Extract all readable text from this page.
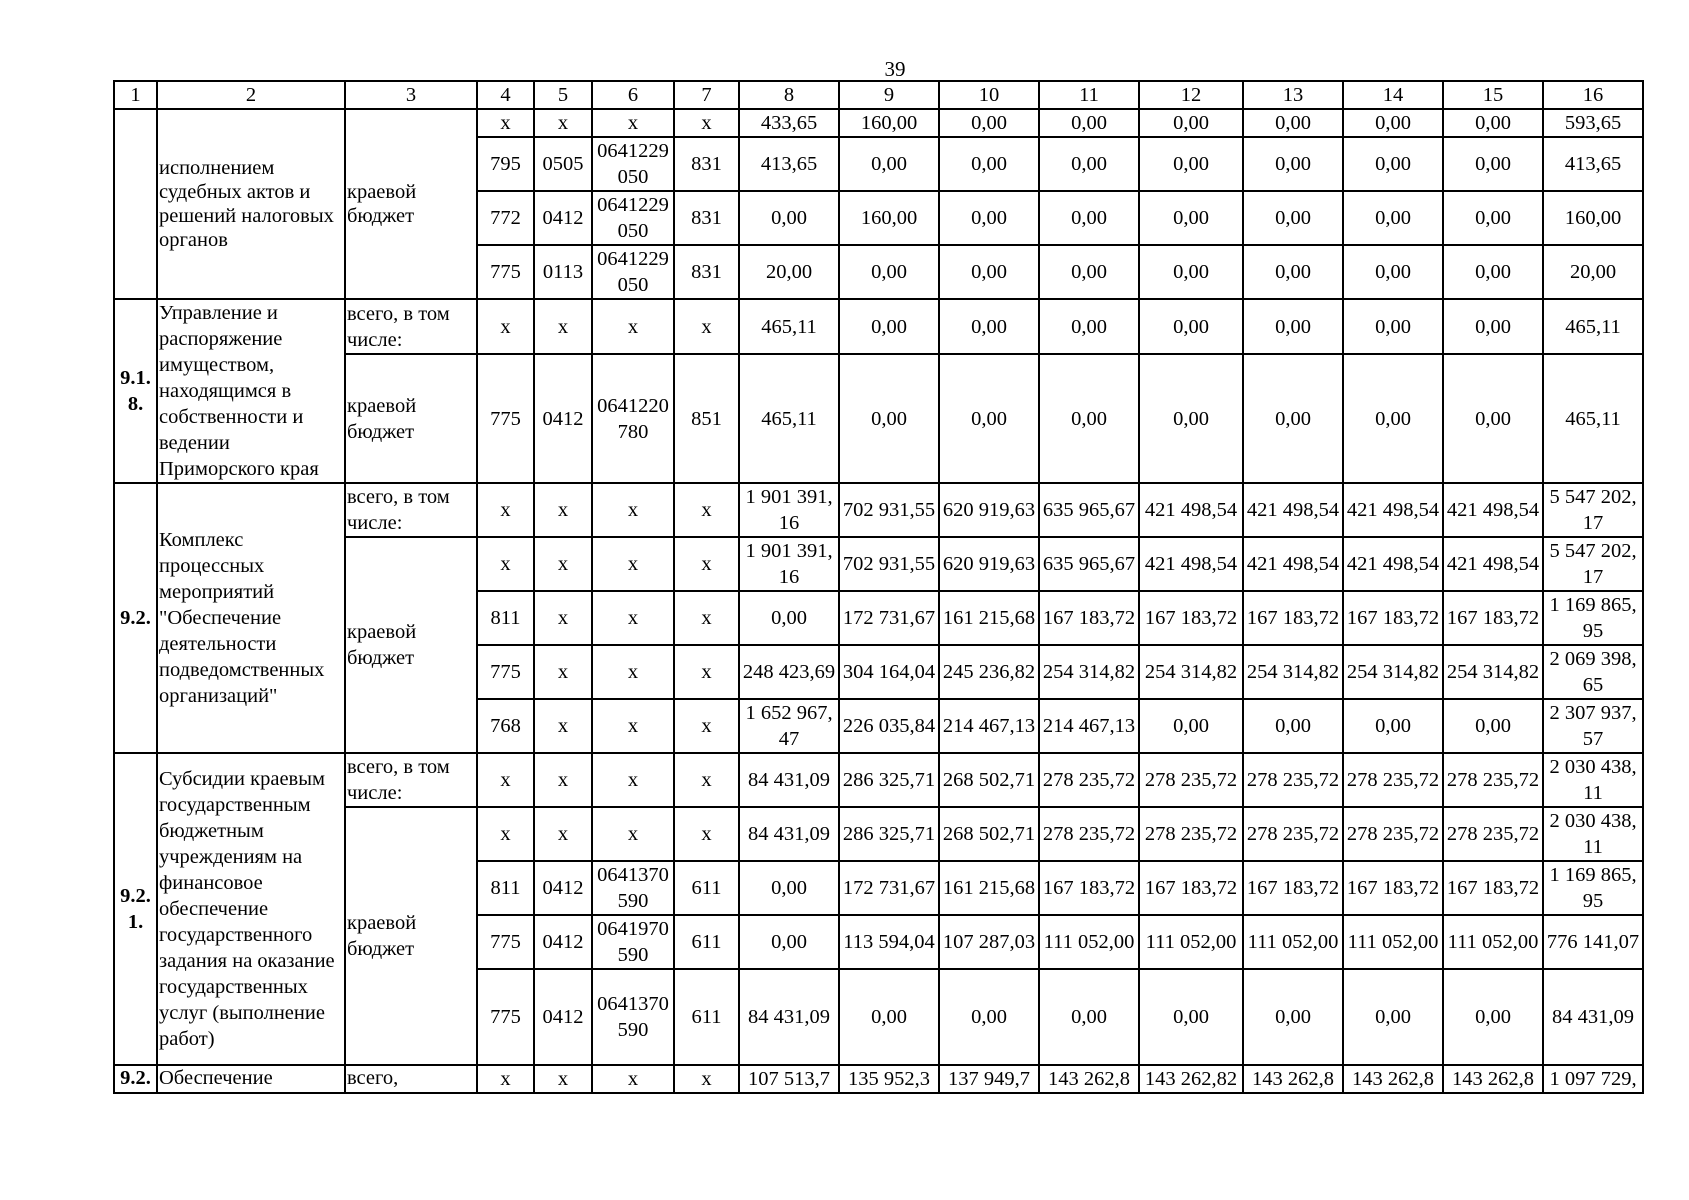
39
1	2	3	4	5	6	7	8	9	10	11	12	13	14	15	16
	исполнением судебных актов и решений налоговых органов	краевой бюджет	x	x	x	x	433,65	160,00	0,00	0,00	0,00	0,00	0,00	0,00	593,65
			795	0505	0641229050	831	413,65	0,00	0,00	0,00	0,00	0,00	0,00	0,00	413,65
			772	0412	0641229050	831	0,00	160,00	0,00	0,00	0,00	0,00	0,00	0,00	160,00
			775	0113	0641229050	831	20,00	0,00	0,00	0,00	0,00	0,00	0,00	0,00	20,00
9.1.8.	Управление и распоряжение имуществом, находящимся в собственности и ведении Приморского края	всего, в том числе:	x	x	x	x	465,11	0,00	0,00	0,00	0,00	0,00	0,00	0,00	465,11
		краевой бюджет	775	0412	0641220780	851	465,11	0,00	0,00	0,00	0,00	0,00	0,00	0,00	465,11
9.2.	Комплекс процессных мероприятий "Обеспечение деятельности подведомственных организаций"	всего, в том числе:	x	x	x	x	1 901 391,16	702 931,55	620 919,63	635 965,67	421 498,54	421 498,54	421 498,54	421 498,54	5 547 202,17
		краевой бюджет	x	x	x	x	1 901 391,16	702 931,55	620 919,63	635 965,67	421 498,54	421 498,54	421 498,54	421 498,54	5 547 202,17
			811	x	x	x	0,00	172 731,67	161 215,68	167 183,72	167 183,72	167 183,72	167 183,72	167 183,72	1 169 865,95
			775	x	x	x	248 423,69	304 164,04	245 236,82	254 314,82	254 314,82	254 314,82	254 314,82	254 314,82	2 069 398,65
			768	x	x	x	1 652 967,47	226 035,84	214 467,13	214 467,13	0,00	0,00	0,00	0,00	2 307 937,57
9.2.1.	Субсидии краевым государственным бюджетным учреждениям на финансовое обеспечение государственного задания на оказание государственных услуг (выполнение работ)	всего, в том числе:	x	x	x	x	84 431,09	286 325,71	268 502,71	278 235,72	278 235,72	278 235,72	278 235,72	278 235,72	2 030 438,11
		краевой бюджет	x	x	x	x	84 431,09	286 325,71	268 502,71	278 235,72	278 235,72	278 235,72	278 235,72	278 235,72	2 030 438,11
			811	0412	0641370590	611	0,00	172 731,67	161 215,68	167 183,72	167 183,72	167 183,72	167 183,72	167 183,72	1 169 865,95
			775	0412	0641970590	611	0,00	113 594,04	107 287,03	111 052,00	111 052,00	111 052,00	111 052,00	111 052,00	776 141,07
			775	0412	0641370590	611	84 431,09	0,00	0,00	0,00	0,00	0,00	0,00	0,00	84 431,09
9.2.	Обеспечение	всего,	x	x	x	x	107 513,7	135 952,3	137 949,7	143 262,8	143 262,82	143 262,8	143 262,8	143 262,8	1 097 729,
